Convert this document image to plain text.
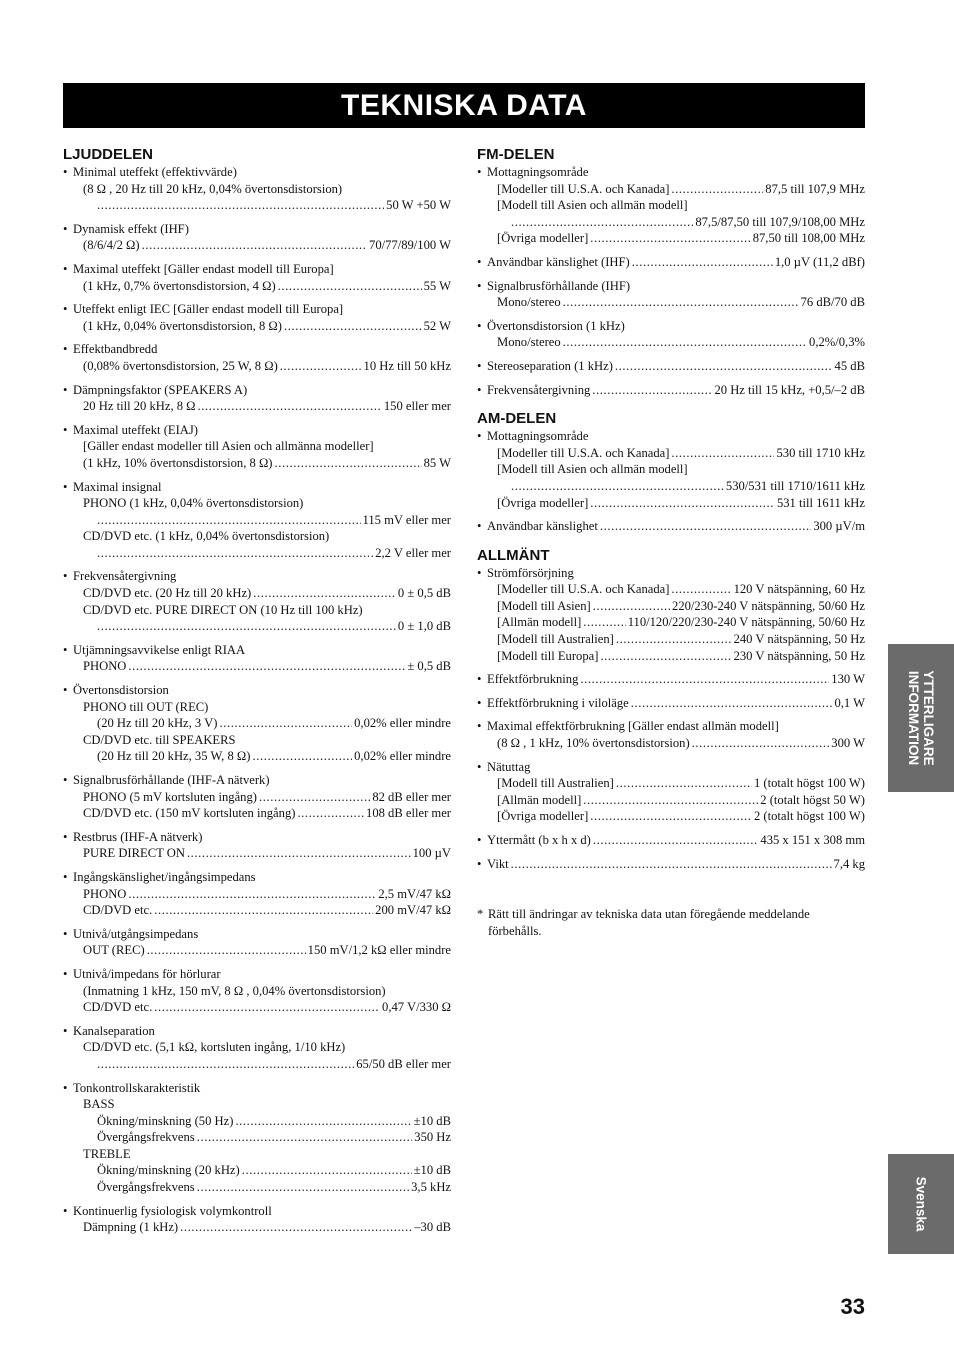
TEKNISKA DATA
LJUDDELEN
• Minimal uteffekt (effektivvärde)
(8 Ω , 20 Hz till 20 kHz, 0,04% övertonsdistorsion)
.....
50 W +50 W
• Dynamisk effekt (IHF)
(8/6/4/2 Ω) .....	70/77/89/100 W
• Maximal uteffekt [Gäller endast modell till Europa]
(1 kHz, 0,7% övertonsdistorsion, 4 Ω) .....	55 W
• Uteffekt enligt IEC [Gäller endast modell till Europa]
(1 kHz, 0,04% övertonsdistorsion, 8 Ω) .....	52 W
• Effektbandbredd
(0,08% övertonsdistorsion, 25 W, 8 Ω) .....	10 Hz till 50 kHz
• Dämpningsfaktor (SPEAKERS A)
20 Hz till 20 kHz, 8 Ω .....	150 eller mer
• Maximal uteffekt (EIAJ)
[Gäller endast modeller till Asien och allmänna modeller]
(1 kHz, 10% övertonsdistorsion, 8 Ω) .....	85 W
• Maximal insignal
PHONO (1 kHz, 0,04% övertonsdistorsion)
.....
115 mV eller mer
CD/DVD etc. (1 kHz, 0,04% övertonsdistorsion)
.....
2,2 V eller mer
• Frekvensåtergivning
CD/DVD etc. (20 Hz till 20 kHz) .....	0 ± 0,5 dB
CD/DVD etc. PURE DIRECT ON (10 Hz till 100 kHz)
.....
0 ± 1,0 dB
• Utjämningsavvikelse enligt RIAA
PHONO .....	± 0,5 dB
• Övertonsdistorsion
PHONO till OUT (REC)
(20 Hz till 20 kHz, 3 V) .....	0,02% eller mindre
CD/DVD etc. till SPEAKERS
(20 Hz till 20 kHz, 35 W, 8 Ω) .....	0,02% eller mindre
• Signalbrusförhållande (IHF-A nätverk)
PHONO (5 mV kortsluten ingång) .....	82 dB eller mer
CD/DVD etc. (150 mV kortsluten ingång) .....	108 dB eller mer
• Restbrus (IHF-A nätverk)
PURE DIRECT ON .....	100 µV
• Ingångskänslighet/ingångsimpedans
PHONO .....	2,5 mV/47 kΩ
CD/DVD etc. .....	200 mV/47 kΩ
• Utnivå/utgångsimpedans
OUT (REC) .....	150 mV/1,2 kΩ eller mindre
• Utnivå/impedans för hörlurar
(Inmatning 1 kHz, 150 mV, 8 Ω , 0,04% övertonsdistorsion)
CD/DVD etc. .....	0,47 V/330 Ω
• Kanalseparation
CD/DVD etc. (5,1 kΩ, kortsluten ingång, 1/10 kHz)
.....
65/50 dB eller mer
• Tonkontrollskarakteristik
BASS
Ökning/minskning (50 Hz) .....	±10 dB
Övergångsfrekvens .....	350 Hz
TREBLE
Ökning/minskning (20 kHz) .....	±10 dB
Övergångsfrekvens .....	3,5 kHz
• Kontinuerlig fysiologisk volymkontroll
Dämpning (1 kHz) .....	–30 dB
FM-DELEN
• Mottagningsområde
[Modeller till U.S.A. och Kanada] .....	87,5 till 107,9 MHz
[Modell till Asien och allmän modell]
.....
87,5/87,50 till 107,9/108,00 MHz
[Övriga modeller] .....	87,50 till 108,00 MHz
• Användbar känslighet (IHF) .....	1,0 µV (11,2 dBf)
• Signalbrusförhållande (IHF)
Mono/stereo .....	76 dB/70 dB
• Övertonsdistorsion (1 kHz)
Mono/stereo .....	0,2%/0,3%
• Stereoseparation (1 kHz) .....	45 dB
• Frekvensåtergivning .....	20 Hz till 15 kHz, +0,5/–2 dB
AM-DELEN
• Mottagningsområde
[Modeller till U.S.A. och Kanada] .....	530 till 1710 kHz
[Modell till Asien och allmän modell]
.....
530/531 till 1710/1611 kHz
[Övriga modeller] .....	531 till 1611 kHz
• Användbar känslighet .....	300 µV/m
ALLMÄNT
• Strömförsörjning
[Modeller till U.S.A. och Kanada] .....	120 V nätspänning, 60 Hz
[Modell till Asien] .....	220/230-240 V nätspänning, 50/60 Hz
[Allmän modell] .....	110/120/220/230-240 V nätspänning, 50/60 Hz
[Modell till Australien] .....	240 V nätspänning, 50 Hz
[Modell till Europa] .....	230 V nätspänning, 50 Hz
• Effektförbrukning .....	130 W
• Effektförbrukning i viloläge .....	0,1 W
• Maximal effektförbrukning [Gäller endast allmän modell]
(8 Ω , 1 kHz, 10% övertonsdistorsion) .....	300 W
• Nätuttag
[Modell till Australien] .....	1 (totalt högst 100 W)
[Allmän modell] .....	2 (totalt högst 50 W)
[Övriga modeller] .....	2 (totalt högst 100 W)
• Yttermått (b x h x d) .....	435 x 151 x 308 mm
• Vikt .....	7,4 kg
* Rätt till ändringar av tekniska data utan föregående meddelande
förbehålls.
YTTERLIGARE
INFORMATION
Svenska
33
